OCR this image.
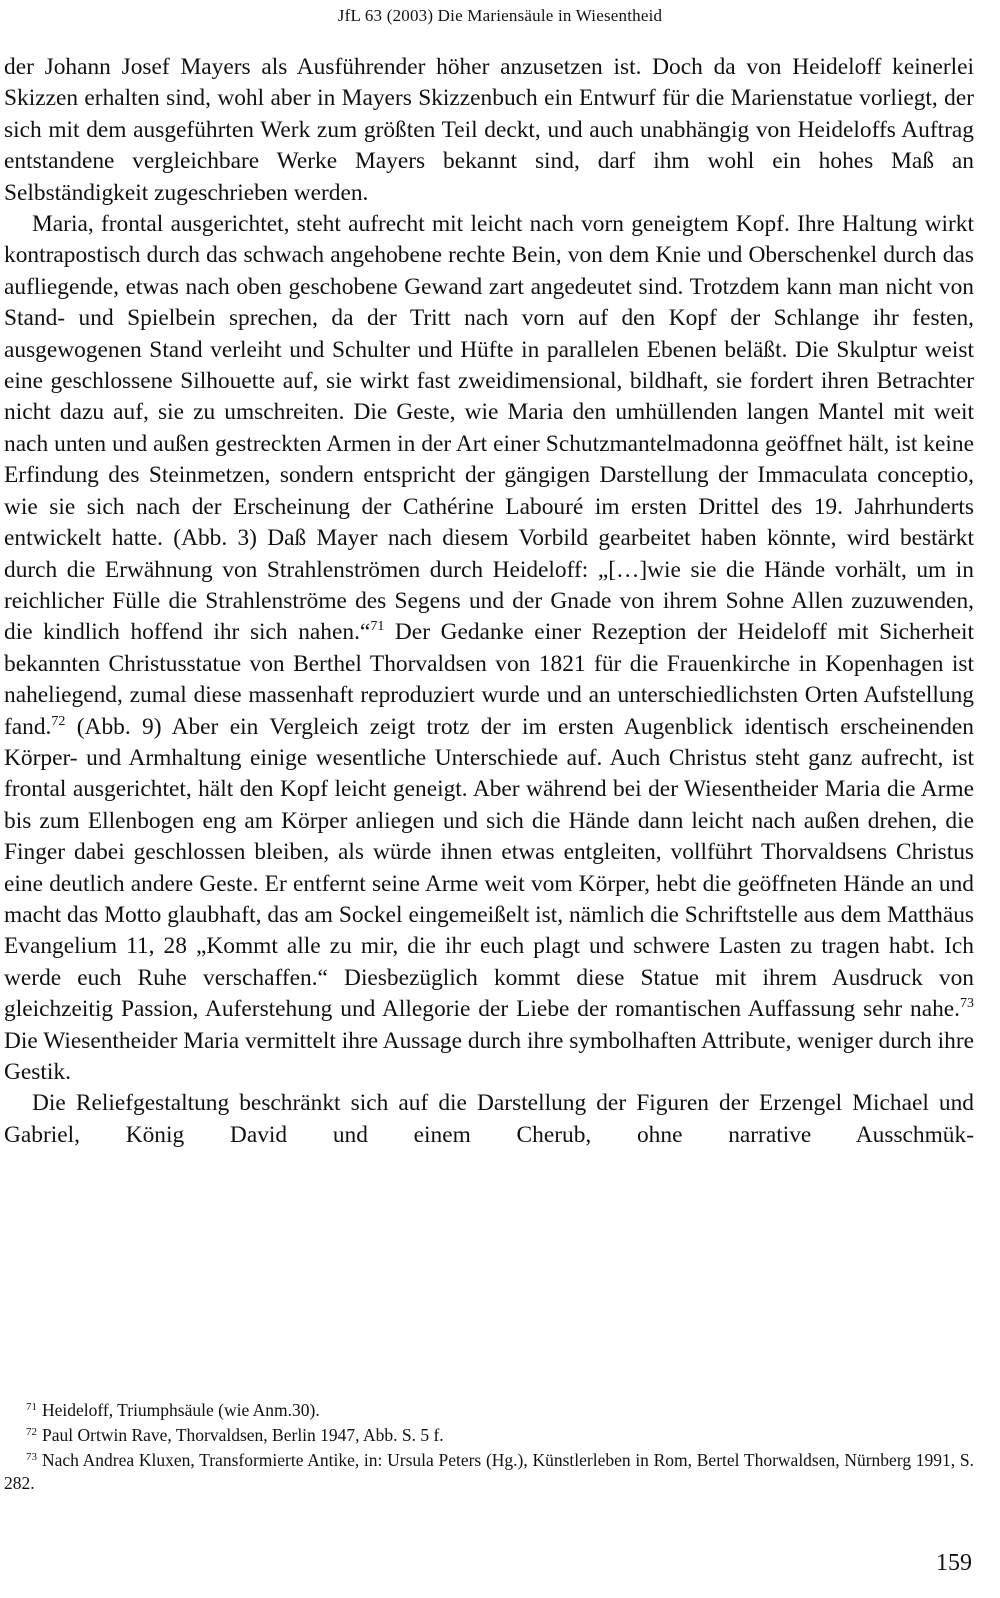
JfL 63 (2003) Die Mariensäule in Wiesentheid

der Johann Josef Mayers als Ausführender höher anzusetzen ist. Doch da von Heideloff keinerlei Skizzen erhalten sind, wohl aber in Mayers Skizzenbuch ein Entwurf für die Marienstatue vorliegt, der sich mit dem ausgeführten Werk zum größten Teil deckt, und auch unabhängig von Heideloffs Auftrag entstandene vergleichbare Werke Mayers bekannt sind, darf ihm wohl ein hohes Maß an Selbständigkeit zugeschrieben werden.

Maria, frontal ausgerichtet, steht aufrecht mit leicht nach vorn geneigtem Kopf. Ihre Haltung wirkt kontrapostisch durch das schwach angehobene rechte Bein, von dem Knie und Oberschenkel durch das aufliegende, etwas nach oben geschobene Gewand zart angedeutet sind. Trotzdem kann man nicht von Stand- und Spielbein sprechen, da der Tritt nach vorn auf den Kopf der Schlange ihr festen, ausgewogenen Stand verleiht und Schulter und Hüfte in parallelen Ebenen beläßt. Die Skulptur weist eine geschlossene Silhouette auf, sie wirkt fast zweidimensional, bildhaft, sie fordert ihren Betrachter nicht dazu auf, sie zu umschreiten. Die Geste, wie Maria den umhüllenden langen Mantel mit weit nach unten und außen gestreckten Armen in der Art einer Schutzmantelmadonna geöffnet hält, ist keine Erfindung des Steinmetzen, sondern entspricht der gängigen Darstellung der Immaculata conceptio, wie sie sich nach der Erscheinung der Cathérine Labouré im ersten Drittel des 19. Jahrhunderts entwickelt hatte. (Abb. 3) Daß Mayer nach diesem Vorbild gearbeitet haben könnte, wird bestärkt durch die Erwähnung von Strahlenströmen durch Heideloff: „[…]wie sie die Hände vorhält, um in reichlicher Fülle die Strahlenströme des Segens und der Gnade von ihrem Sohne Allen zuzuwenden, die kindlich hoffend ihr sich nahen.“$^{71}$ Der Gedanke einer Rezeption der Heideloff mit Sicherheit bekannten Christusstatue von Berthel Thorvaldsen von 1821 für die Frauenkirche in Kopenhagen ist naheliegend, zumal diese massenhaft reproduziert wurde und an unterschiedlichsten Orten Aufstellung fand.$^{72}$ (Abb. 9) Aber ein Vergleich zeigt trotz der im ersten Augenblick identisch erscheinenden Körper- und Armhaltung einige wesentliche Unterschiede auf. Auch Christus steht ganz aufrecht, ist frontal ausgerichtet, hält den Kopf leicht geneigt. Aber während bei der Wiesentheider Maria die Arme bis zum Ellenbogen eng am Körper anliegen und sich die Hände dann leicht nach außen drehen, die Finger dabei geschlossen bleiben, als würde ihnen etwas entgleiten, vollführt Thorvaldsens Christus eine deutlich andere Geste. Er entfernt seine Arme weit vom Körper, hebt die geöffneten Hände an und macht das Motto glaubhaft, das am Sockel eingemeißelt ist, nämlich die Schriftstelle aus dem Matthäus Evangelium 11, 28 „Kommt alle zu mir, die ihr euch plagt und schwere Lasten zu tragen habt. Ich werde euch Ruhe verschaffen.“ Diesbezüglich kommt diese Statue mit ihrem Ausdruck von gleichzeitig Passion, Auferstehung und Allegorie der Liebe der romantischen Auffassung sehr nahe.$^{73}$ Die Wiesentheider Maria vermittelt ihre Aussage durch ihre symbolhaften Attribute, weniger durch ihre Gestik.

Die Reliefgestaltung beschränkt sich auf die Darstellung der Figuren der Erzengel Michael und Gabriel, König David und einem Cherub, ohne narrative Ausschmük-

$^{71}$ Heideloff, Triumphsäule (wie Anm.30).

$^{72}$ Paul Ortwin Rave, Thorvaldsen, Berlin 1947, Abb. S. 5 f.

$^{73}$ Nach Andrea Kluxen, Transformierte Antike, in: Ursula Peters (Hg.), Künstlerleben in Rom, Bertel Thorwaldsen, Nürnberg 1991, S. 282.

159
